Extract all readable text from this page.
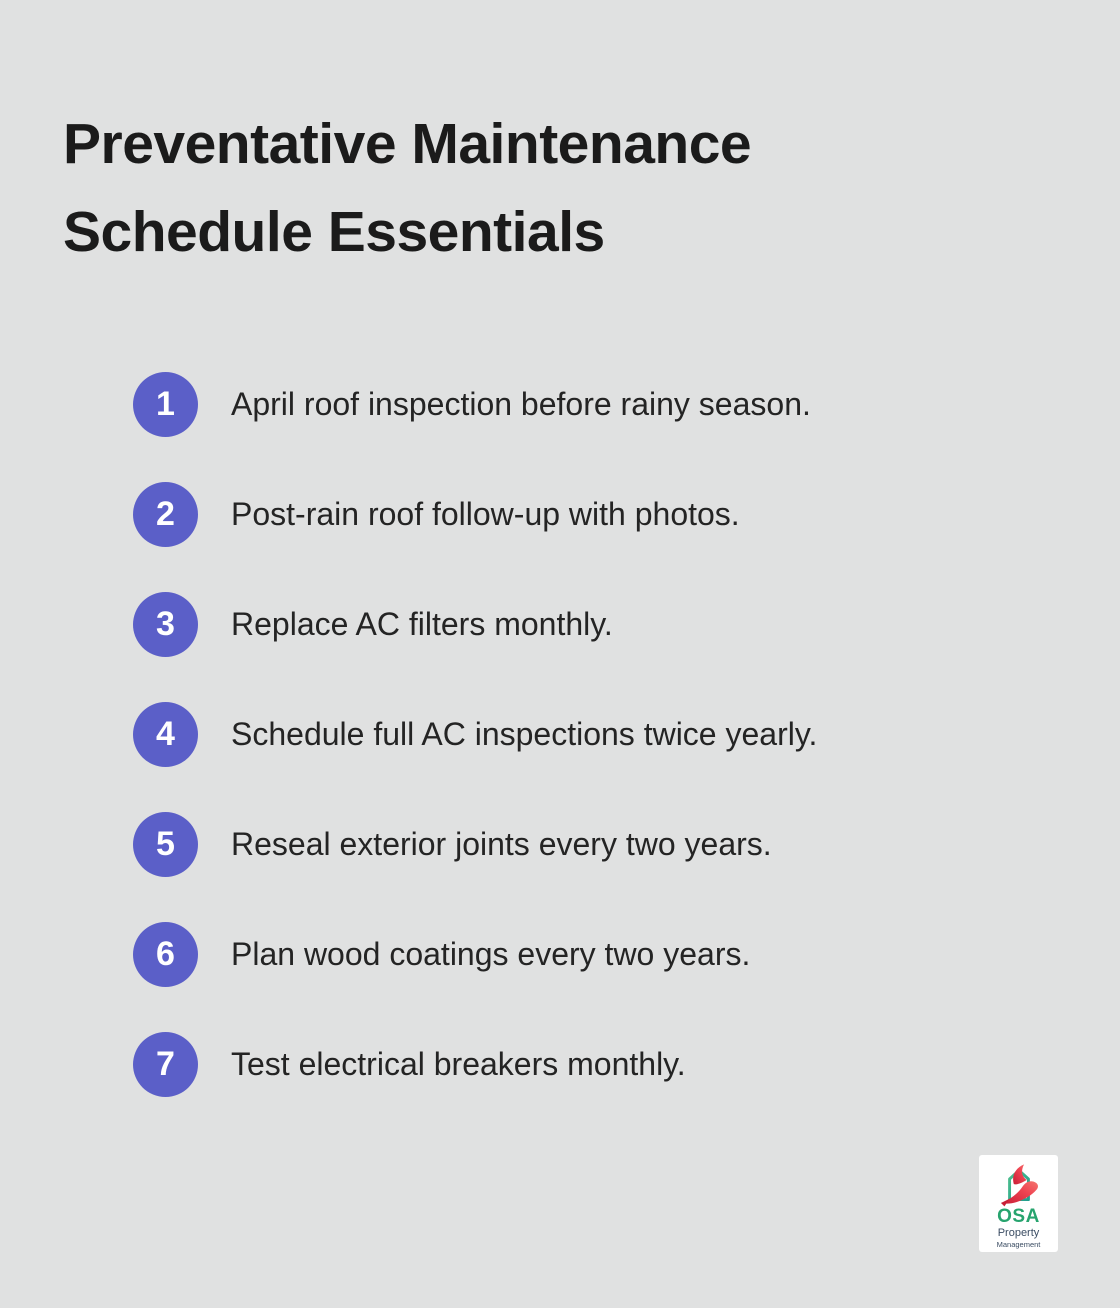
Preventative Maintenance
Schedule Essentials
1 April roof inspection before rainy season.
2 Post-rain roof follow-up with photos.
3 Replace AC filters monthly.
4 Schedule full AC inspections twice yearly.
5 Reseal exterior joints every two years.
6 Plan wood coatings every two years.
7 Test electrical breakers monthly.
OSA
Property
Management
